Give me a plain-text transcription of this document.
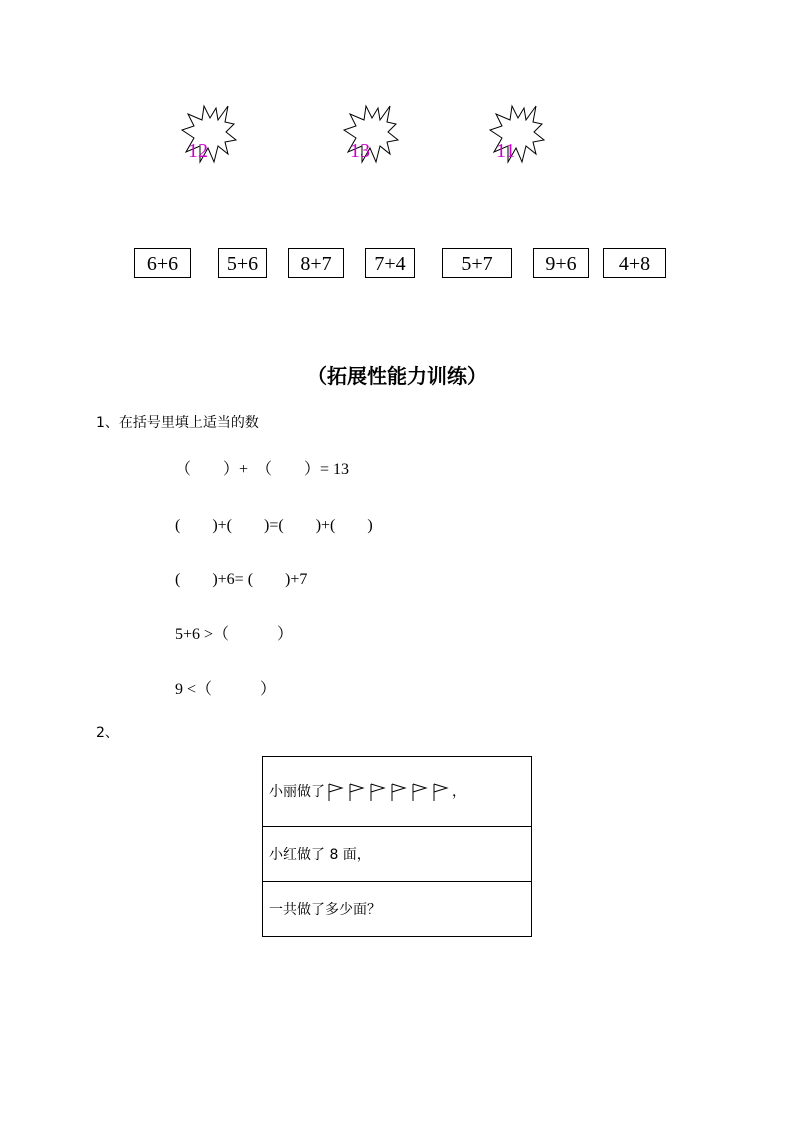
12	13	11
6+6	5+6	8+7	7+4	5+7	9+6	4+8
（拓展性能力训练）
1、在括号里填上适当的数
（　　）+　（　　）= 13
(　　)+(　　)=(　　)+(　　)
(　　)+6= (　　)+7
5+6 >（　　　）
9 <（　　　）
2、
小丽做了	，
小红做了 8 面，
一共做了多少面？
